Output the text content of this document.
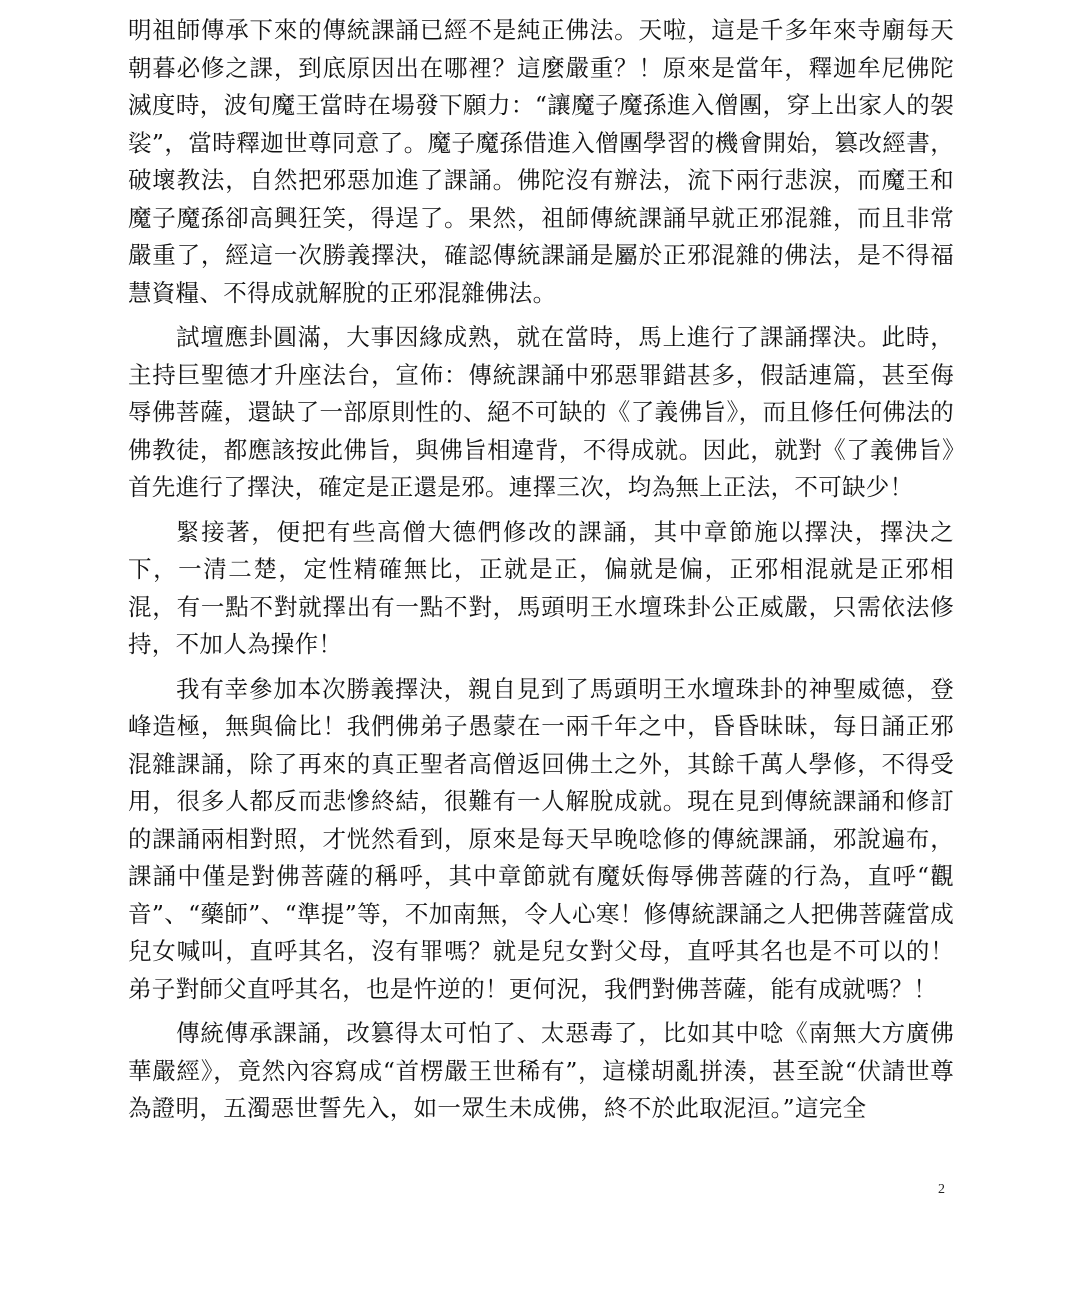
明祖師傳承下來的傳統課誦已經不是純正佛法。天啦，這是千多年來寺廟每天朝暮必修之課，到底原因出在哪裡？這麼嚴重？！原來是當年，釋迦牟尼佛陀滅度時，波旬魔王當時在場發下願力：“讓魔子魔孫進入僧團，穿上出家人的袈裟”，當時釋迦世尊同意了。魔子魔孫借進入僧團學習的機會開始，篡改經書，破壞教法，自然把邪惡加進了課誦。佛陀沒有辦法，流下兩行悲淚，而魔王和魔子魔孫卻高興狂笑，得逞了。果然，祖師傳統課誦早就正邪混雜，而且非常嚴重了，經這一次勝義擇決，確認傳統課誦是屬於正邪混雜的佛法，是不得福慧資糧、不得成就解脫的正邪混雜佛法。

試壇應卦圓滿，大事因緣成熟，就在當時，馬上進行了課誦擇決。此時，主持巨聖德才升座法台，宣佈：傳統課誦中邪惡罪錯甚多，假話連篇，甚至侮辱佛菩薩，還缺了一部原則性的、絕不可缺的《了義佛旨》，而且修任何佛法的佛教徒，都應該按此佛旨，與佛旨相違背，不得成就。因此，就對《了義佛旨》首先進行了擇決，確定是正還是邪。連擇三次，均為無上正法，不可缺少！

緊接著，便把有些高僧大德們修改的課誦，其中章節施以擇決，擇決之下，一清二楚，定性精確無比，正就是正，偏就是偏，正邪相混就是正邪相混，有一點不對就擇出有一點不對，馬頭明王水壇珠卦公正威嚴，只需依法修持，不加人為操作！

我有幸參加本次勝義擇決，親自見到了馬頭明王水壇珠卦的神聖威德，登峰造極，無與倫比！我們佛弟子愚蒙在一兩千年之中，昏昏昧昧，每日誦正邪混雜課誦，除了再來的真正聖者高僧返回佛土之外，其餘千萬人學修，不得受用，很多人都反而悲慘終結，很難有一人解脫成就。現在見到傳統課誦和修訂的課誦兩相對照，才恍然看到，原來是每天早晚唸修的傳統課誦，邪說遍布，課誦中僅是對佛菩薩的稱呼，其中章節就有魔妖侮辱佛菩薩的行為，直呼“觀音”、“藥師”、“準提”等，不加南無，令人心寒！修傳統課誦之人把佛菩薩當成兒女喊叫，直呼其名，沒有罪嗎？就是兒女對父母，直呼其名也是不可以的！弟子對師父直呼其名，也是忤逆的！更何況，我們對佛菩薩，能有成就嗎？！

傳統傳承課誦，改篡得太可怕了、太惡毒了，比如其中唸《南無大方廣佛華嚴經》，竟然內容寫成“首楞嚴王世稀有”，這樣胡亂拼湊，甚至說“伏請世尊為證明，五濁惡世誓先入，如一眾生未成佛，終不於此取泥洹。”這完全

2
